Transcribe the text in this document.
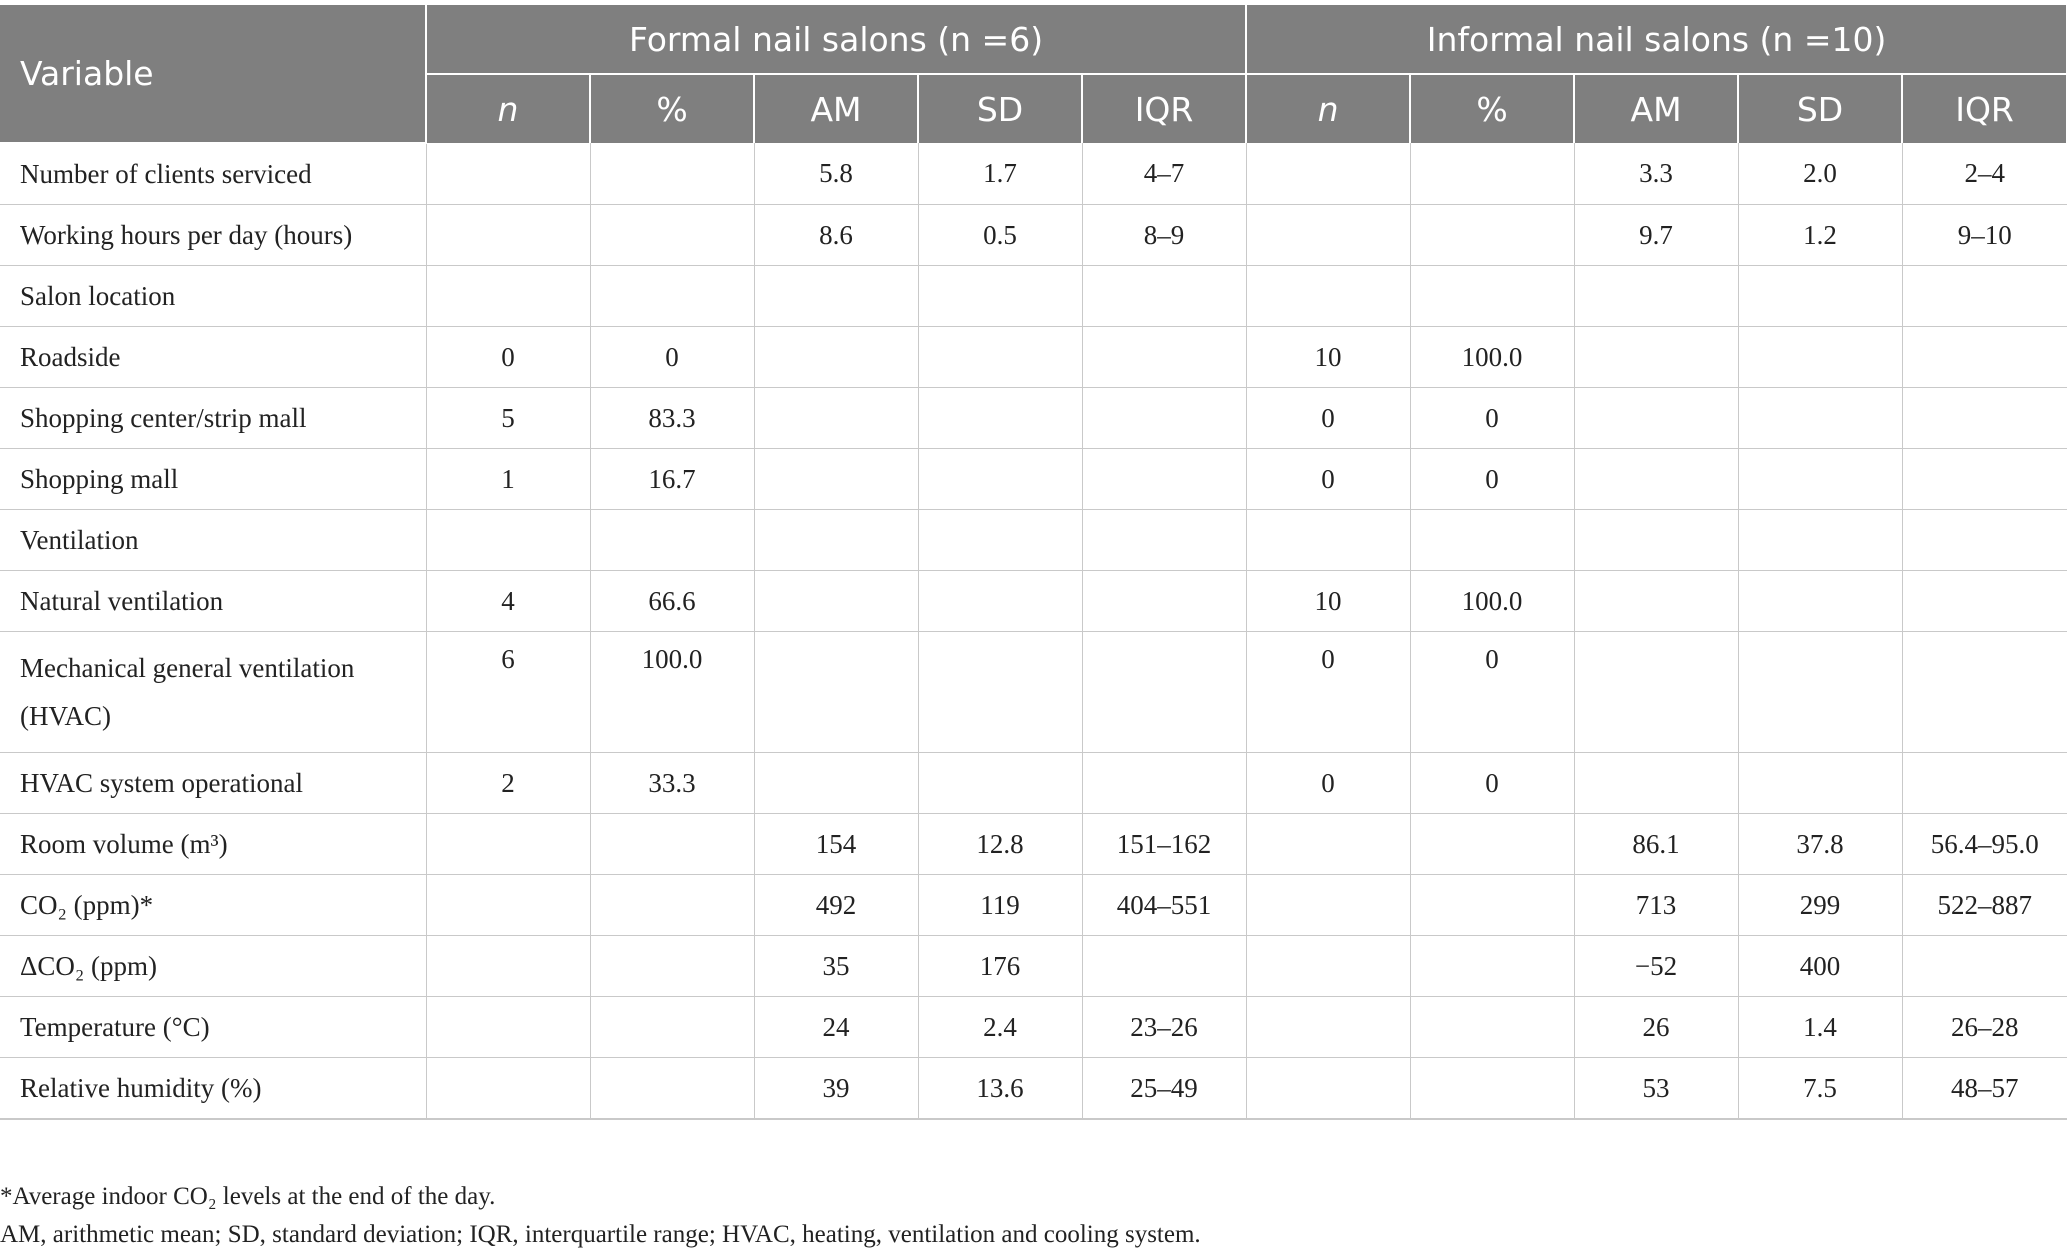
Variable	Formal nail salons (n =6)					Informal nail salons (n =10)				
	n	%	AM	SD	IQR	n	%	AM	SD	IQR
Number of clients serviced			5.8	1.7	4–7			3.3	2.0	2–4
Working hours per day (hours)			8.6	0.5	8–9			9.7	1.2	9–10
Salon location										
Roadside	0	0				10	100.0			
Shopping center/strip mall	5	83.3				0	0			
Shopping mall	1	16.7				0	0			
Ventilation										
Natural ventilation	4	66.6				10	100.0			
Mechanical general ventilation (HVAC)	6	100.0				0	0			
HVAC system operational	2	33.3				0	0			
Room volume (m³)			154	12.8	151–162			86.1	37.8	56.4–95.0
CO₂ (ppm)*			492	119	404–551			713	299	522–887
ΔCO₂ (ppm)			35	176				−52	400	
Temperature (°C)			24	2.4	23–26			26	1.4	26–28
Relative humidity (%)			39	13.6	25–49			53	7.5	48–57
*Average indoor CO₂ levels at the end of the day.
AM, arithmetic mean; SD, standard deviation; IQR, interquartile range; HVAC, heating, ventilation and cooling system.
